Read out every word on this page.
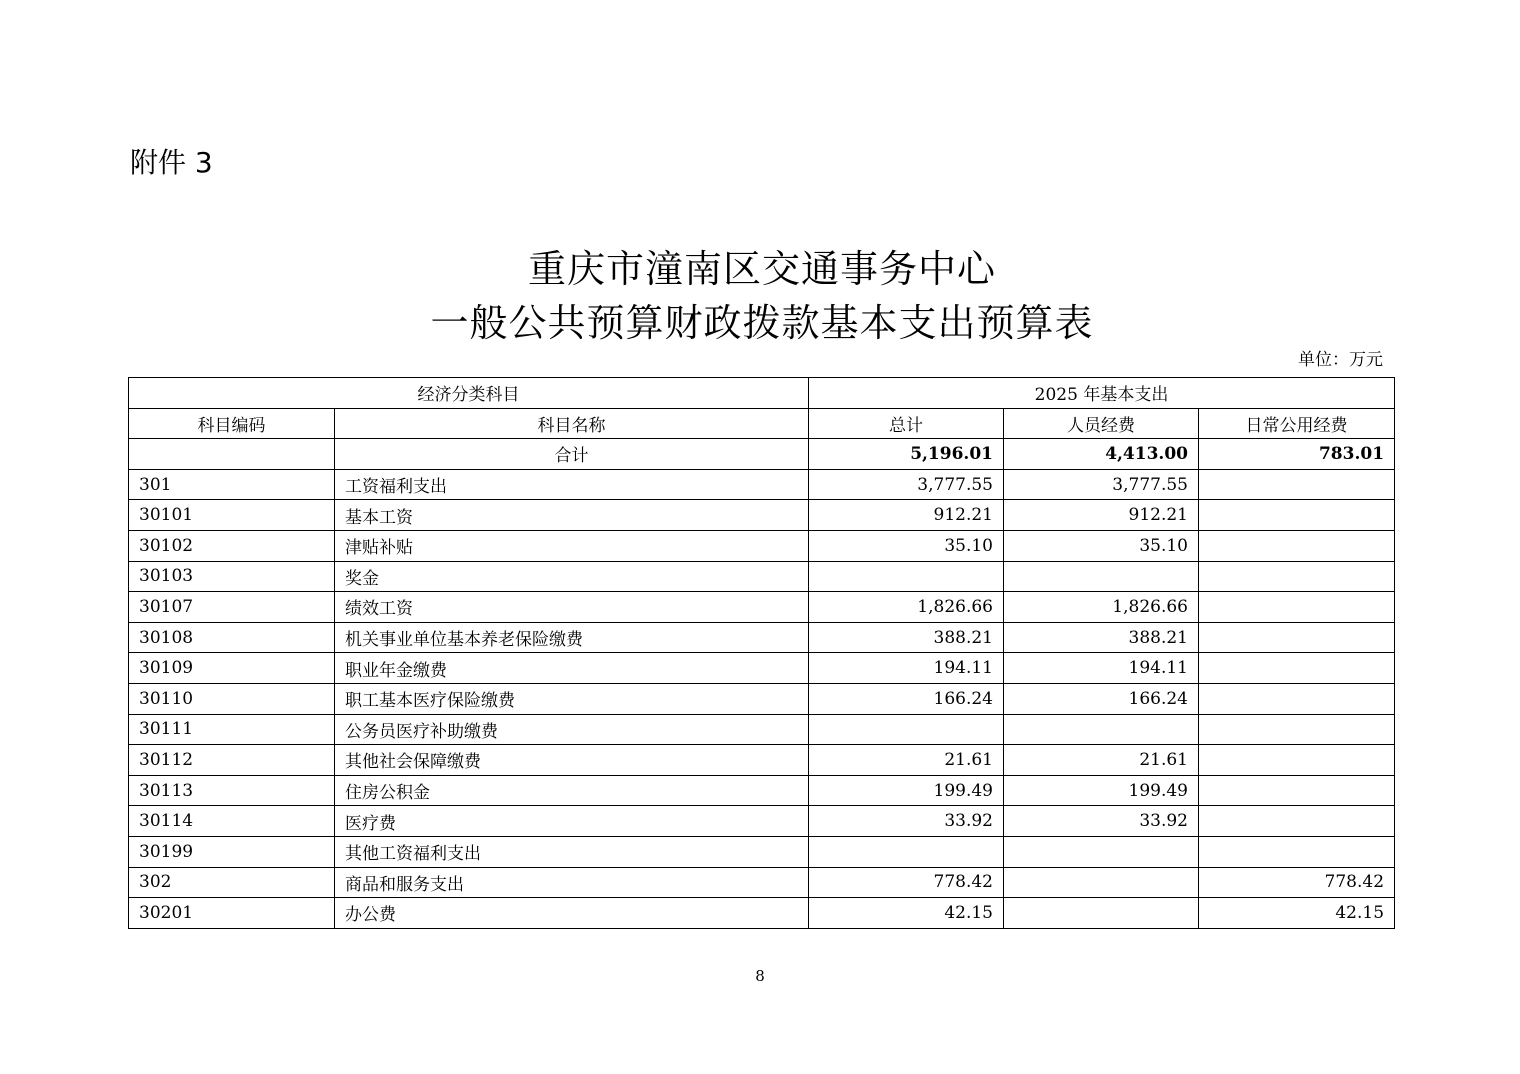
附件 3
重庆市潼南区交通事务中心
一般公共预算财政拨款基本支出预算表
单位：万元
经济分类科目		2025 年基本支出		
科目编码	科目名称	总计	人员经费	日常公用经费
	合计	5,196.01	4,413.00	783.01
301	工资福利支出	3,777.55	3,777.55	
30101	基本工资	912.21	912.21	
30102	津贴补贴	35.10	35.10	
30103	奖金			
30107	绩效工资	1,826.66	1,826.66	
30108	机关事业单位基本养老保险缴费	388.21	388.21	
30109	职业年金缴费	194.11	194.11	
30110	职工基本医疗保险缴费	166.24	166.24	
30111	公务员医疗补助缴费			
30112	其他社会保障缴费	21.61	21.61	
30113	住房公积金	199.49	199.49	
30114	医疗费	33.92	33.92	
30199	其他工资福利支出			
302	商品和服务支出	778.42		778.42
30201	办公费	42.15		42.15
8
